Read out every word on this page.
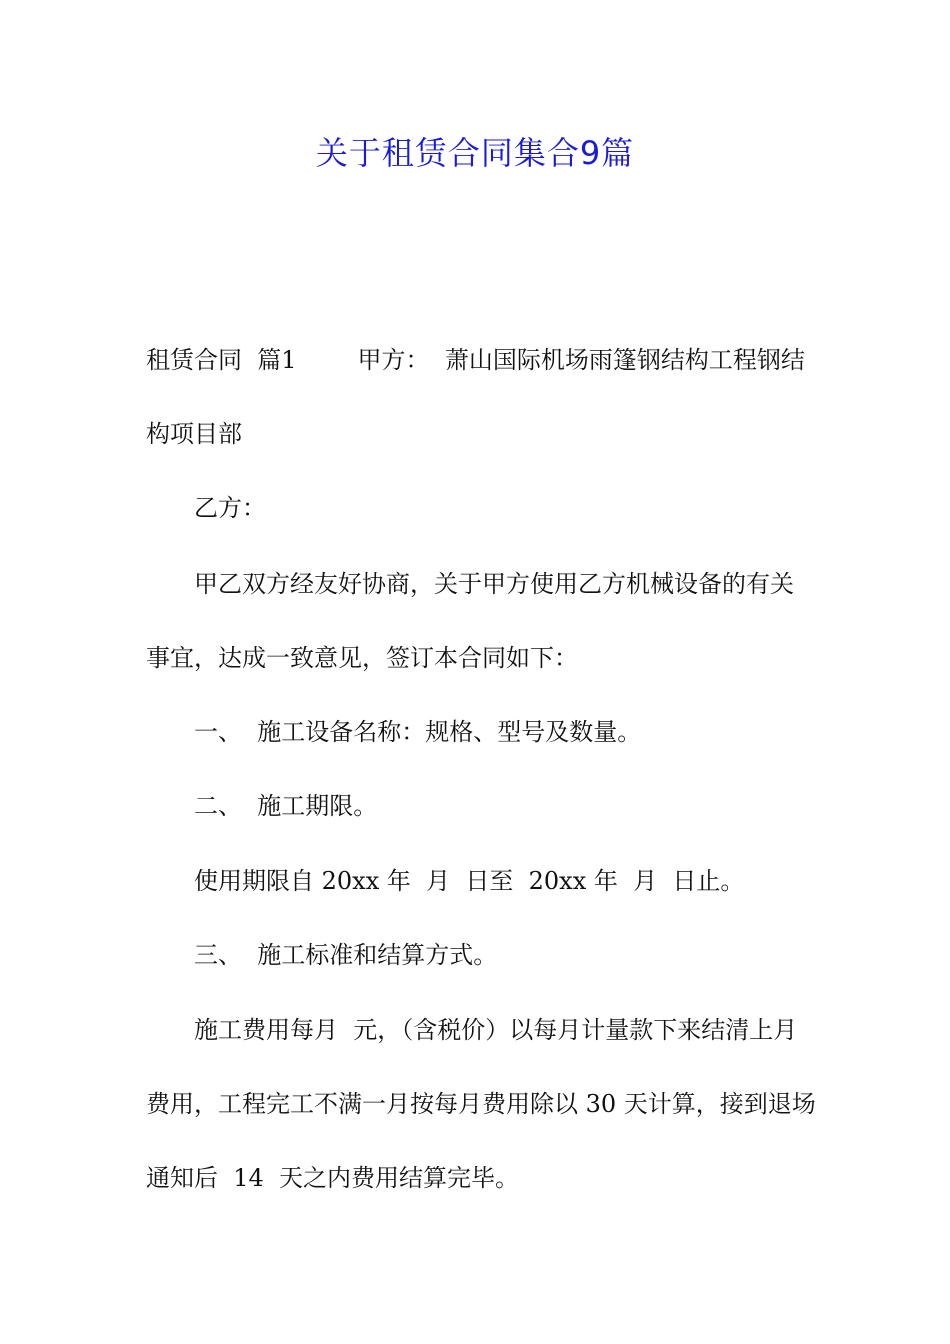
关于租赁合同集合9篇
租赁合同  篇1        甲方：  萧山国际机场雨篷钢结构工程钢结
构项目部
乙方：
甲乙双方经友好协商，关于甲方使用乙方机械设备的有关
事宜，达成一致意见，签订本合同如下：
一、  施工设备名称：规格、型号及数量。
二、  施工期限。
使用期限自 20xx 年  月  日至  20xx 年  月  日止。
三、  施工标准和结算方式。
施工费用每月  元，（含税价）以每月计量款下来结清上月
费用，工程完工不满一月按每月费用除以 30 天计算，接到退场
通知后  14  天之内费用结算完毕。
